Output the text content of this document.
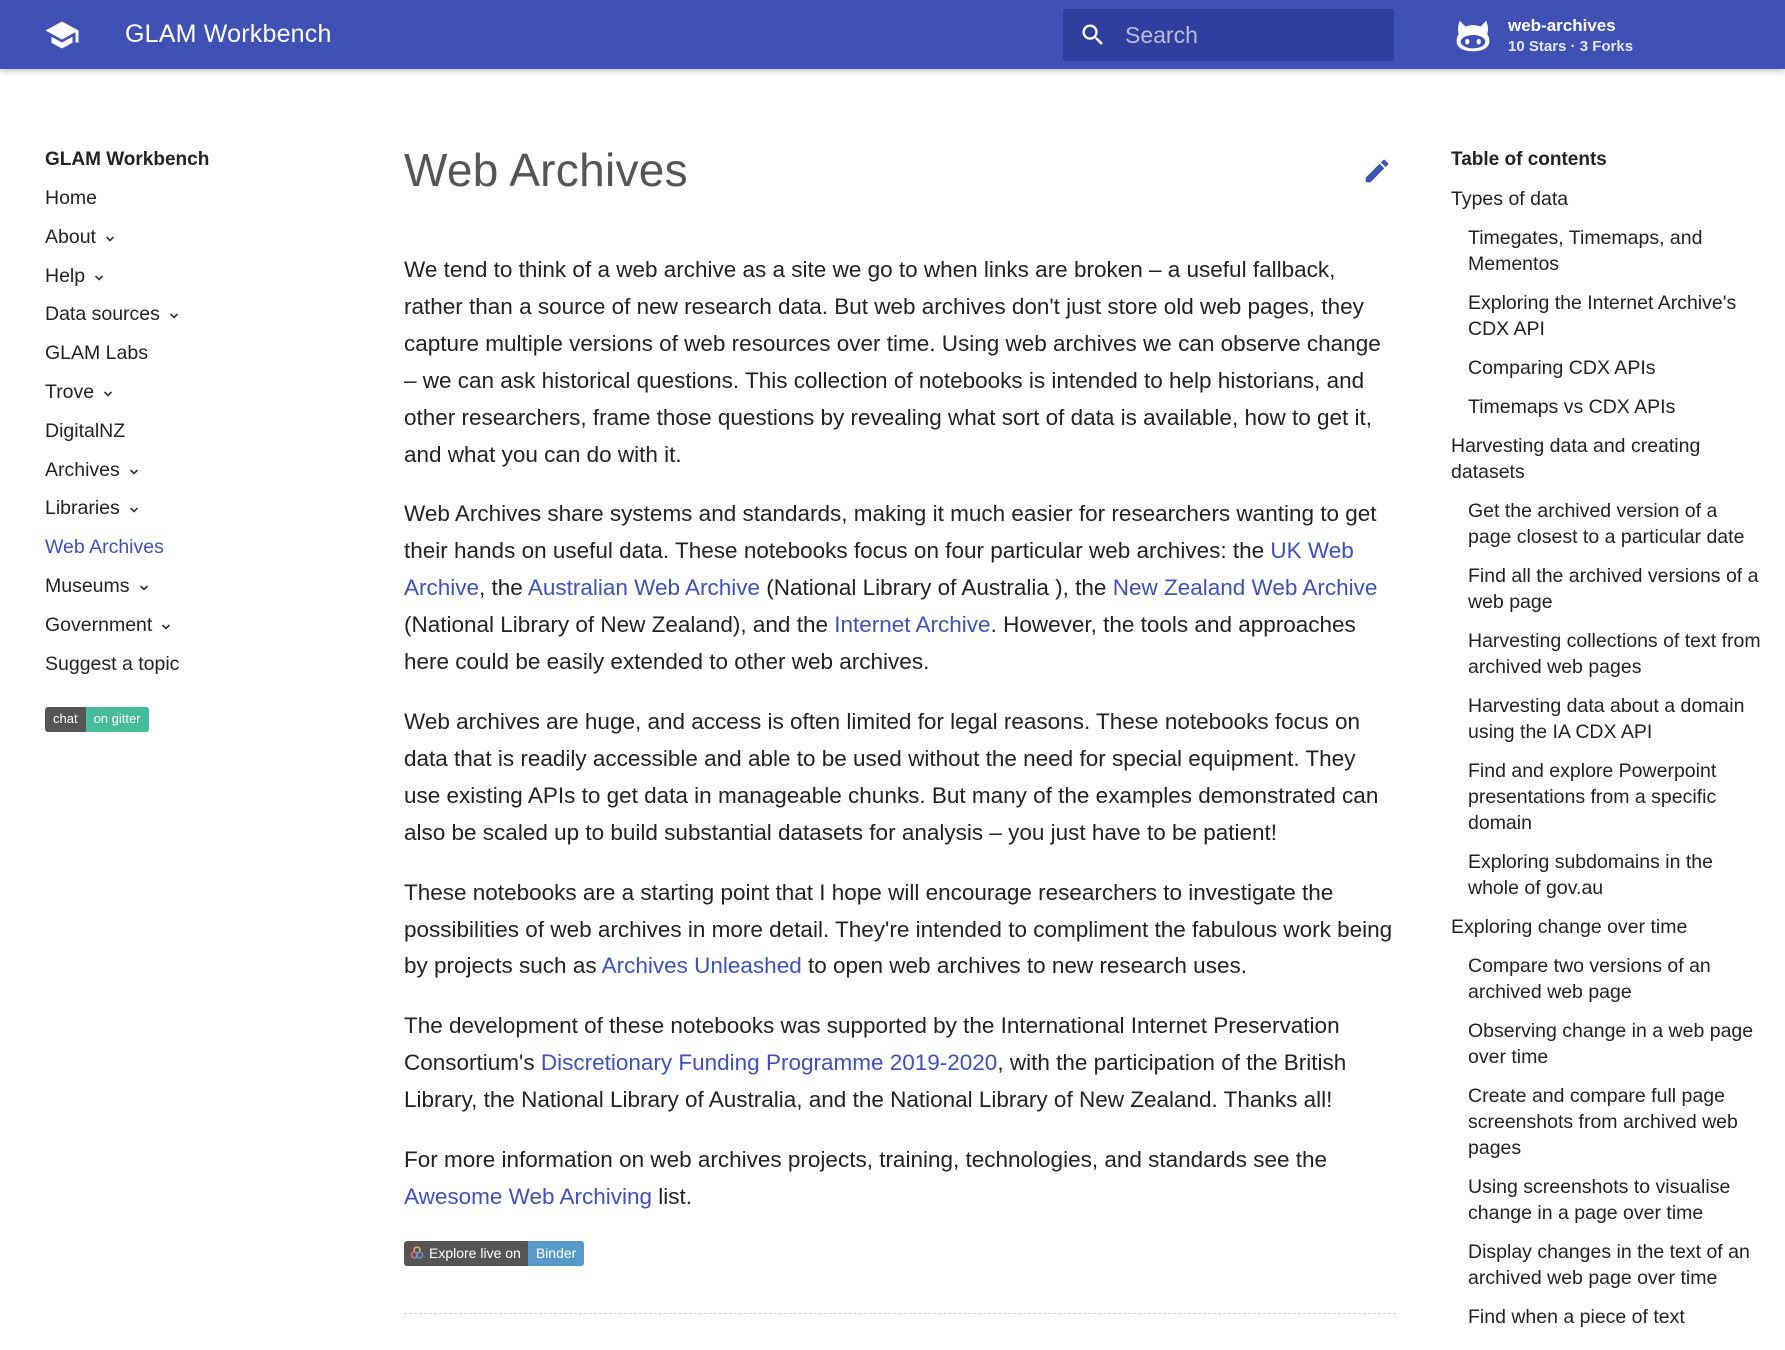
GLAM Workbench
Search	web-archives
10 Stars · 3 Forks
GLAM Workbench
Home
About
Help
Data sources
GLAM Labs
Trove
DigitalNZ
Archives
Libraries
Web Archives
Museums
Government
Suggest a topic
chat	on gitter
Web Archives

We tend to think of a web archive as a site we go to when links are broken – a useful fallback, rather than a source of new research data. But web archives don't just store old web pages, they capture multiple versions of web resources over time. Using web archives we can observe change – we can ask historical questions. This collection of notebooks is intended to help historians, and other researchers, frame those questions by revealing what sort of data is available, how to get it, and what you can do with it.

Web Archives share systems and standards, making it much easier for researchers wanting to get their hands on useful data. These notebooks focus on four particular web archives: the UK Web Archive, the Australian Web Archive (National Library of Australia ), the New Zealand Web Archive (National Library of New Zealand), and the Internet Archive. However, the tools and approaches here could be easily extended to other web archives.

Web archives are huge, and access is often limited for legal reasons. These notebooks focus on data that is readily accessible and able to be used without the need for special equipment. They use existing APIs to get data in manageable chunks. But many of the examples demonstrated can also be scaled up to build substantial datasets for analysis – you just have to be patient!

These notebooks are a starting point that I hope will encourage researchers to investigate the possibilities of web archives in more detail. They're intended to compliment the fabulous work being by projects such as Archives Unleashed to open web archives to new research uses.

The development of these notebooks was supported by the International Internet Preservation Consortium's Discretionary Funding Programme 2019-2020, with the participation of the British Library, the National Library of Australia, and the National Library of New Zealand. Thanks all!

For more information on web archives projects, training, technologies, and standards see the Awesome Web Archiving list.

Explore live on	Binder
Table of contents
Types of data
Timegates, Timemaps, and Mementos
Exploring the Internet Archive's CDX API
Comparing CDX APIs
Timemaps vs CDX APIs
Harvesting data and creating datasets
Get the archived version of a page closest to a particular date
Find all the archived versions of a web page
Harvesting collections of text from archived web pages
Harvesting data about a domain using the IA CDX API
Find and explore Powerpoint presentations from a specific domain
Exploring subdomains in the whole of gov.au
Exploring change over time
Compare two versions of an archived web page
Observing change in a web page over time
Create and compare full page screenshots from archived web pages
Using screenshots to visualise change in a page over time
Display changes in the text of an archived web page over time
Find when a piece of text
